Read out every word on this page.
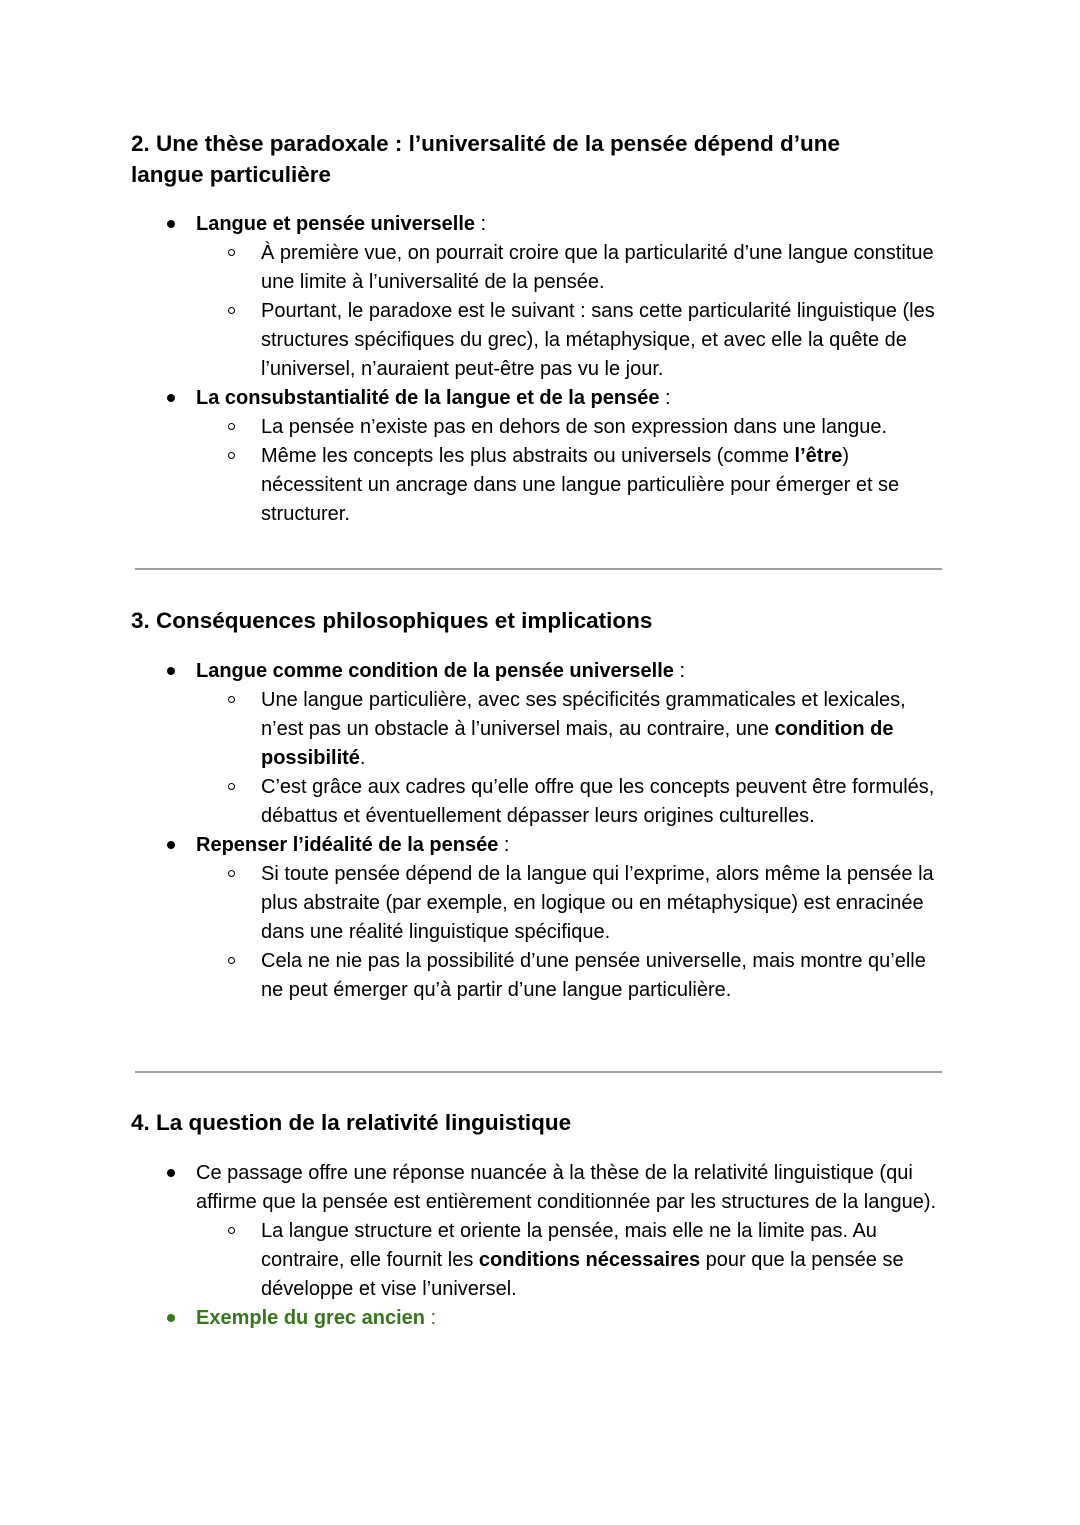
2. Une thèse paradoxale : l’universalité de la pensée dépend d’une
langue particulière
Langue et pensée universelle :
À première vue, on pourrait croire que la particularité d’une langue constitue une limite à l’universalité de la pensée.
Pourtant, le paradoxe est le suivant : sans cette particularité linguistique (les structures spécifiques du grec), la métaphysique, et avec elle la quête de l’universel, n’auraient peut-être pas vu le jour.
La consubstantialité de la langue et de la pensée :
La pensée n’existe pas en dehors de son expression dans une langue.
Même les concepts les plus abstraits ou universels (comme l’être) nécessitent un ancrage dans une langue particulière pour émerger et se structurer.
3. Conséquences philosophiques et implications
Langue comme condition de la pensée universelle :
Une langue particulière, avec ses spécificités grammaticales et lexicales, n’est pas un obstacle à l’universel mais, au contraire, une condition de possibilité.
C’est grâce aux cadres qu’elle offre que les concepts peuvent être formulés, débattus et éventuellement dépasser leurs origines culturelles.
Repenser l’idéalité de la pensée :
Si toute pensée dépend de la langue qui l’exprime, alors même la pensée la plus abstraite (par exemple, en logique ou en métaphysique) est enracinée dans une réalité linguistique spécifique.
Cela ne nie pas la possibilité d’une pensée universelle, mais montre qu’elle ne peut émerger qu’à partir d’une langue particulière.
4. La question de la relativité linguistique
Ce passage offre une réponse nuancée à la thèse de la relativité linguistique (qui affirme que la pensée est entièrement conditionnée par les structures de la langue).
La langue structure et oriente la pensée, mais elle ne la limite pas. Au contraire, elle fournit les conditions nécessaires pour que la pensée se développe et vise l’universel.
Exemple du grec ancien :
